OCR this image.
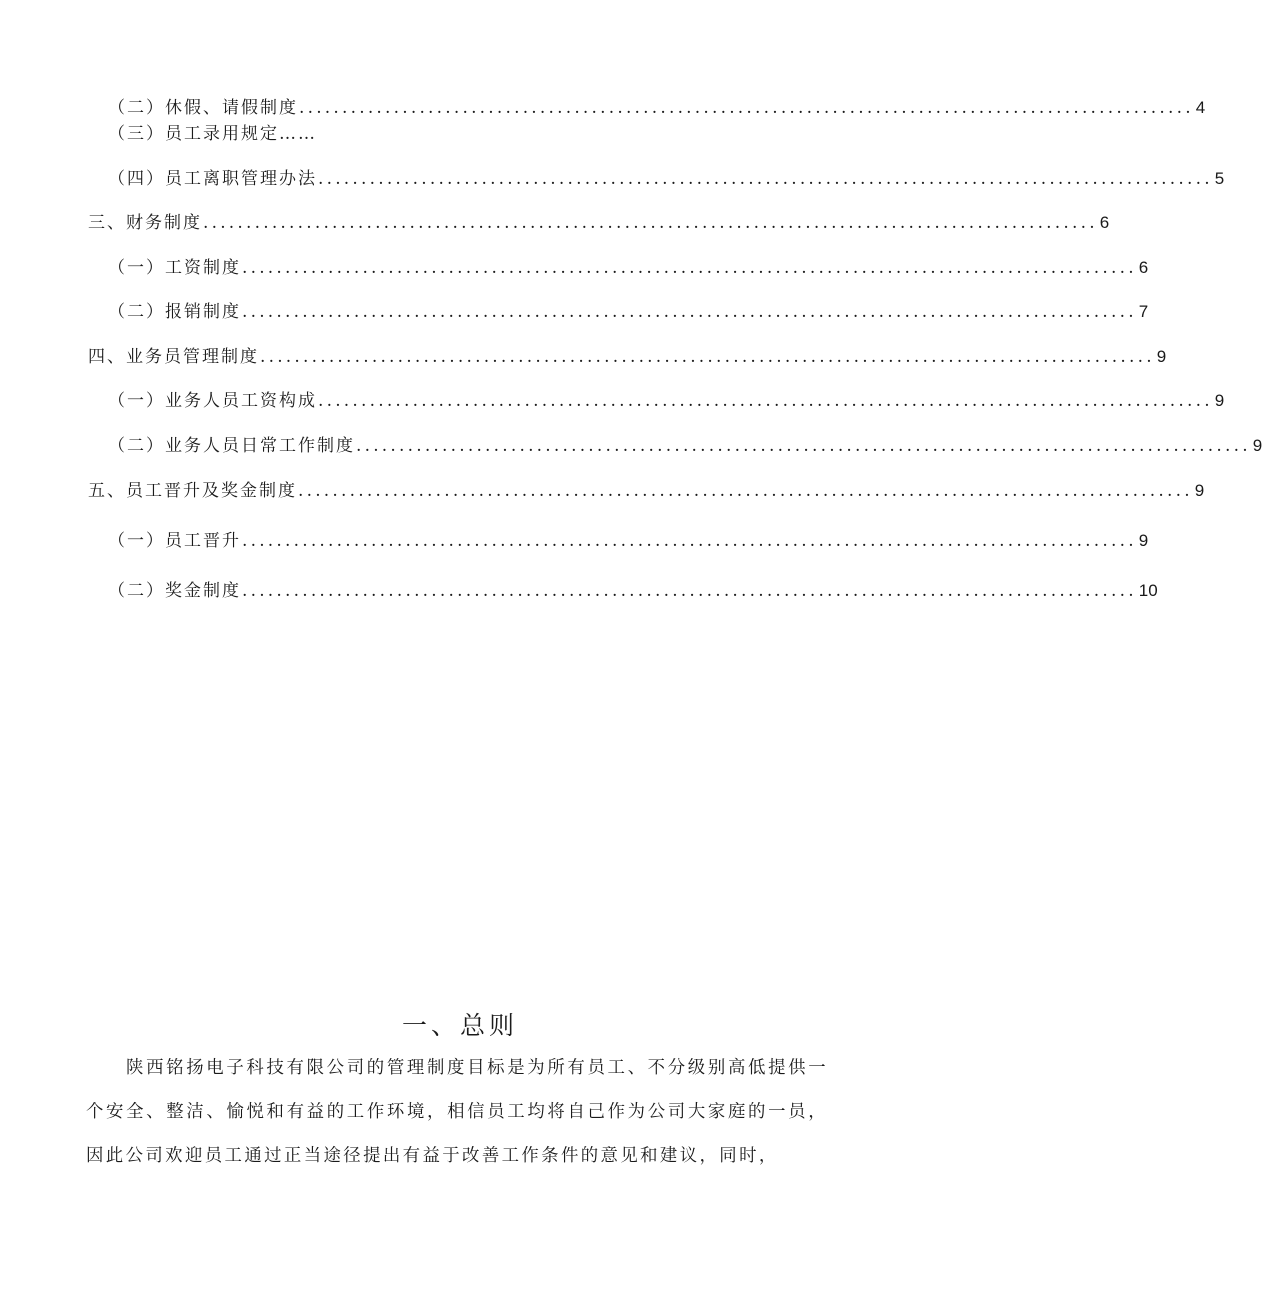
（二）休假、请假制度 ........................................................................................................ 4
（三）员工录用规定……
（四）员工离职管理办法 ........................................................................................................ 5
三、财务制度 ........................................................................................................ 6
（一）工资制度 ........................................................................................................ 6
（二）报销制度 ........................................................................................................ 7
四、业务员管理制度 ........................................................................................................ 9
（一）业务人员工资构成 ........................................................................................................ 9
（二）业务人员日常工作制度 ........................................................................................................ 9
五、员工晋升及奖金制度 ........................................................................................................ 9
（一）员工晋升 ........................................................................................................ 9
（二）奖金制度 ........................................................................................................ 10
一、总则

陕西铭扬电子科技有限公司的管理制度目标是为所有员工、不分级别高低提供一个安全、整洁、愉悦和有益的工作环境，相信员工均将自己作为公司大家庭的一员，因此公司欢迎员工通过正当途径提出有益于改善工作条件的意见和建议，同时，
